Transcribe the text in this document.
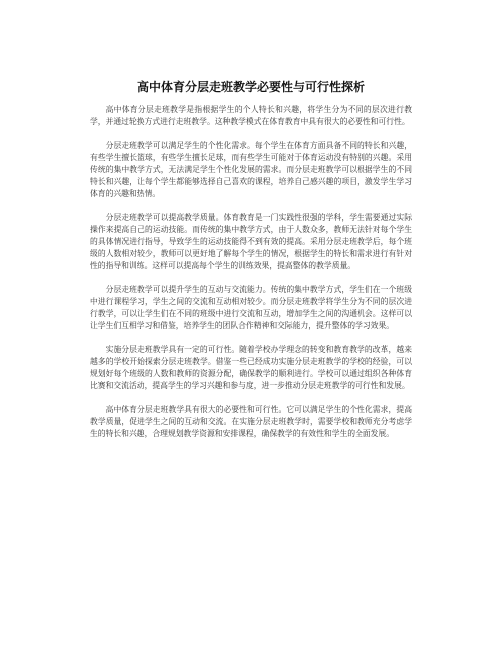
高中体育分层走班教学必要性与可行性探析

高中体育分层走班教学是指根据学生的个人特长和兴趣，将学生分为不同的层次进行教学，并通过轮换方式进行走班教学。这种教学模式在体育教育中具有很大的必要性和可行性。

分层走班教学可以满足学生的个性化需求。每个学生在体育方面具备不同的特长和兴趣，有些学生擅长篮球，有些学生擅长足球，而有些学生可能对于体育运动没有特别的兴趣。采用传统的集中教学方式，无法满足学生个性化发展的需求。而分层走班教学可以根据学生的不同特长和兴趣，让每个学生都能够选择自己喜欢的课程，培养自己感兴趣的项目，激发学生学习体育的兴趣和热情。

分层走班教学可以提高教学质量。体育教育是一门实践性很强的学科，学生需要通过实际操作来提高自己的运动技能。而传统的集中教学方式，由于人数众多，教师无法针对每个学生的具体情况进行指导，导致学生的运动技能得不到有效的提高。采用分层走班教学后，每个班级的人数相对较少，教师可以更好地了解每个学生的情况，根据学生的特长和需求进行有针对性的指导和训练。这样可以提高每个学生的训练效果，提高整体的教学质量。

分层走班教学可以提升学生的互动与交流能力。传统的集中教学方式，学生们在一个班级中进行课程学习，学生之间的交流和互动相对较少。而分层走班教学将学生分为不同的层次进行教学，可以让学生们在不同的班级中进行交流和互动，增加学生之间的沟通机会。这样可以让学生们互相学习和借鉴，培养学生的团队合作精神和交际能力，提升整体的学习效果。

实施分层走班教学具有一定的可行性。随着学校办学理念的转变和教育教学的改革，越来越多的学校开始探索分层走班教学。借鉴一些已经成功实施分层走班教学的学校的经验，可以规划好每个班级的人数和教师的资源分配，确保教学的顺利进行。学校可以通过组织各种体育比赛和交流活动，提高学生的学习兴趣和参与度，进一步推动分层走班教学的可行性和发展。

高中体育分层走班教学具有很大的必要性和可行性。它可以满足学生的个性化需求，提高教学质量，促进学生之间的互动和交流。在实施分层走班教学时，需要学校和教师充分考虑学生的特长和兴趣，合理规划教学资源和安排课程，确保教学的有效性和学生的全面发展。
